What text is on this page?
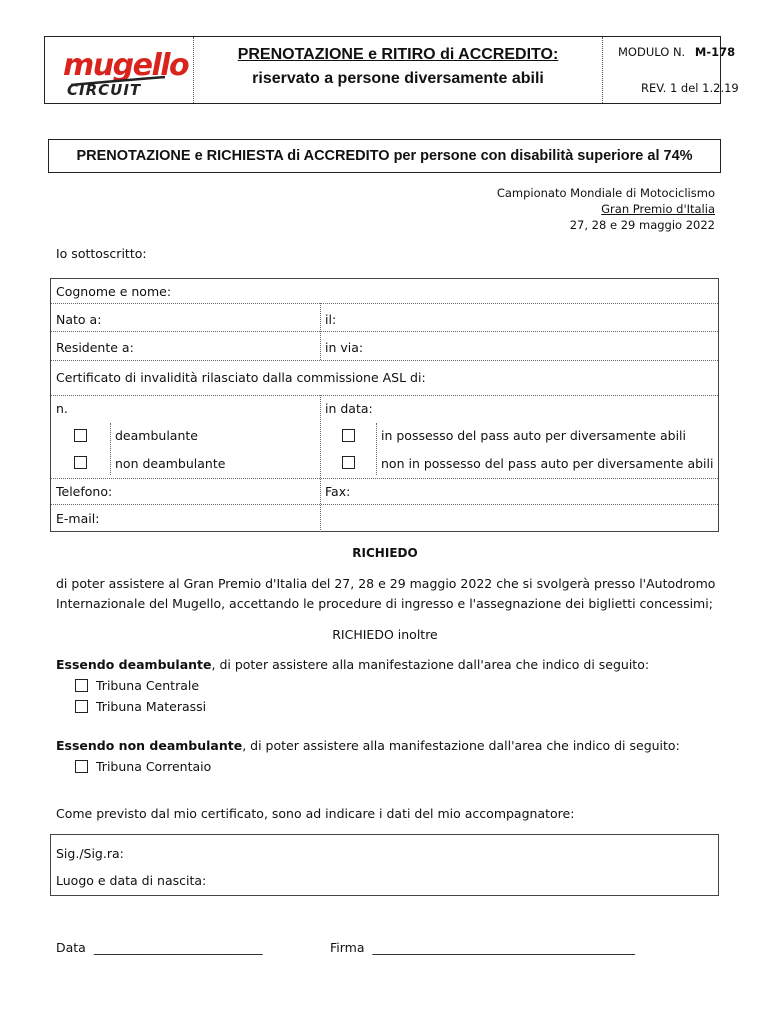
mugello
CIRCUIT
PRENOTAZIONE e RITIRO di ACCREDITO:
riservato a persone diversamente abili
MODULO N. M-178
REV. 1 del 1.2.19
PRENOTAZIONE e RICHIESTA di ACCREDITO per persone con disabilità superiore al 74%
Campionato Mondiale di Motociclismo
Gran Premio d'Italia
27, 28 e 29 maggio 2022
Io sottoscritto:
Cognome e nome:
Nato a:	il:
Residente a:	in via:
Certificato di invalidità rilasciato dalla commissione ASL di:
n.	in data:
deambulante	in possesso del pass auto per diversamente abili
non deambulante	non in possesso del pass auto per diversamente abili
Telefono:	Fax:
E-mail:
RICHIEDO
di poter assistere al Gran Premio d'Italia del 27, 28 e 29 maggio 2022 che si svolgerà presso l'Autodromo
Internazionale del Mugello, accettando le procedure di ingresso e l'assegnazione dei biglietti concessimi;
RICHIEDO inoltre
Essendo deambulante, di poter assistere alla manifestazione dall'area che indico di seguito:
Tribuna Centrale
Tribuna Materassi
Essendo non deambulante, di poter assistere alla manifestazione dall'area che indico di seguito:
Tribuna Correntaio
Come previsto dal mio certificato, sono ad indicare i dati del mio accompagnatore:
Sig./Sig.ra:
Luogo e data di nascita:
Data ___________________________	Firma __________________________________________
